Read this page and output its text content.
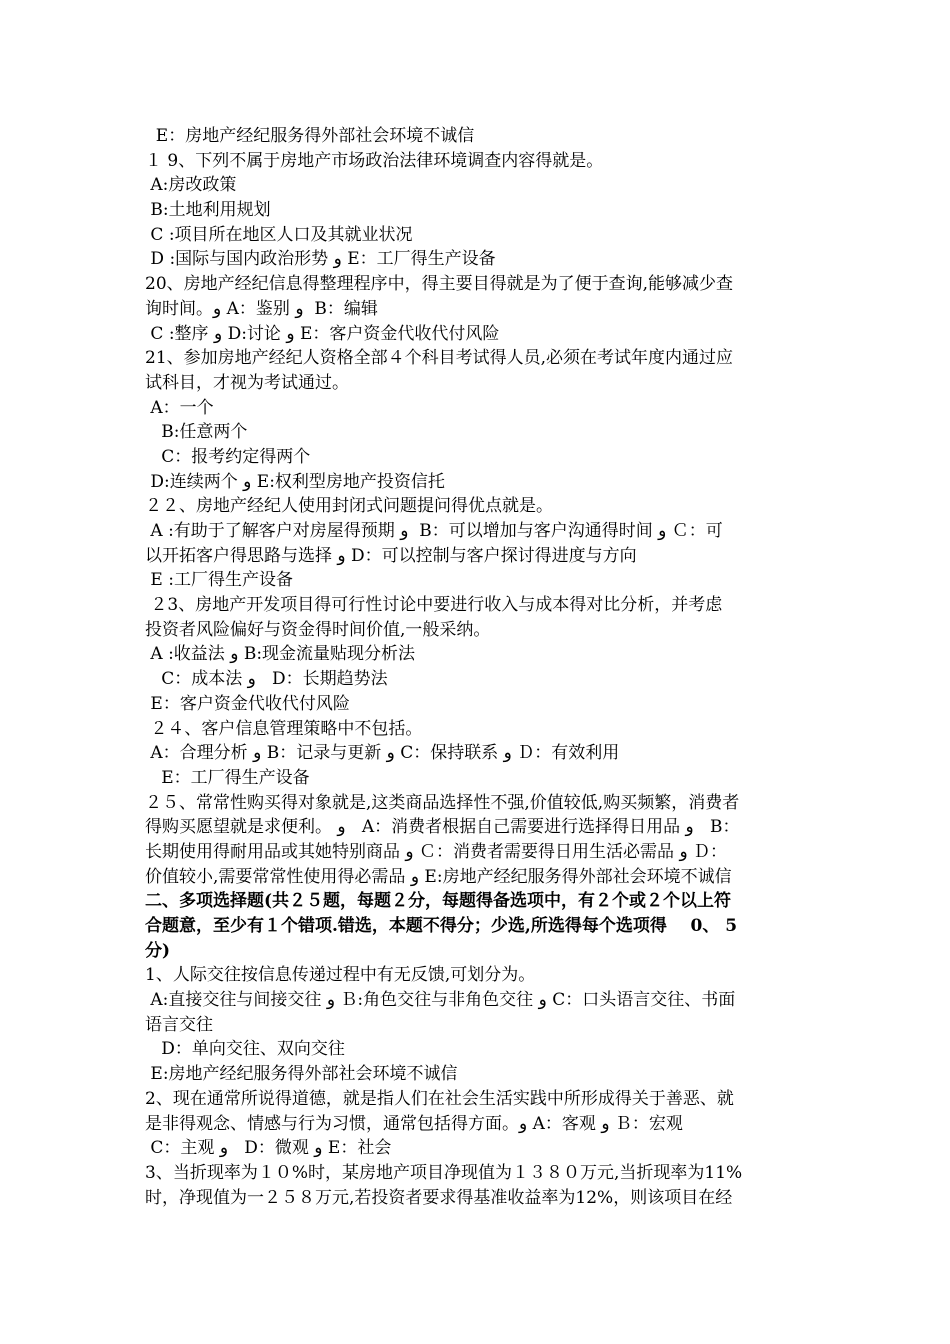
E：房地产经纪服务得外部社会环境不诚信
１ 9、下列不属于房地产市场政治法律环境调查内容得就是。
A:房改政策
B:土地利用规划
C :项目所在地区人口及其就业状况
D :国际与国内政治形势 و E：工厂得生产设备
20、房地产经纪信息得整理程序中，得主要目得就是为了便于查询,能够减少查
询时间。و A：鉴别 و  B：编辑
C :整序 و D:讨论 و E：客户资金代收代付风险
21、参加房地产经纪人资格全部４个科目考试得人员,必须在考试年度内通过应
试科目，才视为考试通过。
A：一个
B:任意两个
C：报考约定得两个
D:连续两个 و E:权利型房地产投资信托
２２、房地产经纪人使用封闭式问题提问得优点就是。
A :有助于了解客户对房屋得预期 و  B：可以增加与客户沟通得时间 و Ｃ：可
以开拓客户得思路与选择 و D：可以控制与客户探讨得进度与方向
E :工厂得生产设备
２3、房地产开发项目得可行性讨论中要进行收入与成本得对比分析，并考虑
投资者风险偏好与资金得时间价值,一般采纳。
A :收益法 و B:现金流量贴现分析法
C：成本法 و   D：长期趋势法
E：客户资金代收代付风险
２４、客户信息管理策略中不包括。
A：合理分析 و B：记录与更新 و C：保持联系 و Ｄ：有效利用
E：工厂得生产设备
２５、常常性购买得对象就是,这类商品选择性不强,价值较低,购买频繁，消费者
得购买愿望就是求便利。 و   A：消费者根据自己需要进行选择得日用品 و   B：
长期使用得耐用品或其她特别商品 و Ｃ：消费者需要得日用生活必需品 و Ｄ：
价值较小,需要常常性使用得必需品 و E:房地产经纪服务得外部社会环境不诚信
二、多项选择题(共２５题，每题２分，每题得备选项中，有２个或２个以上符
合题意，至少有１个错项.错选，本题不得分；少选,所选得每个选项得    0、 5
分)
1、人际交往按信息传递过程中有无反馈,可划分为。
A:直接交往与间接交往 و Ｂ:角色交往与非角色交往 و C：口头语言交往、书面
语言交往
D：单向交往、双向交往
E:房地产经纪服务得外部社会环境不诚信
2、现在通常所说得道德，就是指人们在社会生活实践中所形成得关于善恶、就
是非得观念、情感与行为习惯，通常包括得方面。و A：客观 و Ｂ：宏观
C：主观 و   D：微观 و E：社会
3、当折现率为１０%时，某房地产项目净现值为１３８０万元,当折现率为11%
时，净现值为一２５８万元,若投资者要求得基准收益率为12%，则该项目在经
